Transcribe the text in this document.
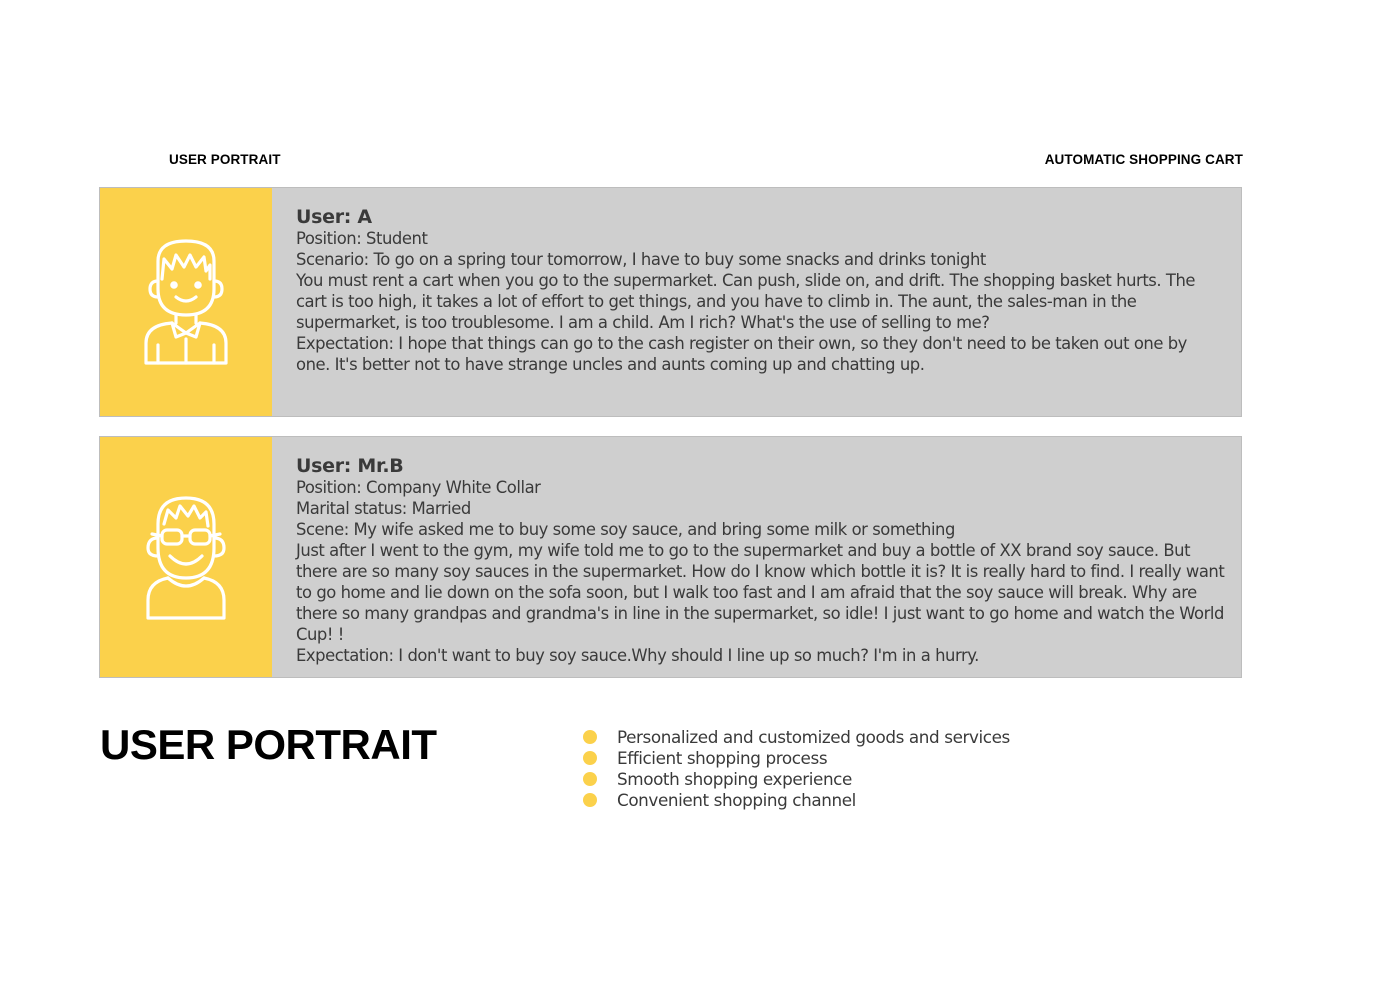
USER PORTRAIT	AUTOMATIC SHOPPING CART
User: A

Position: Student

Scenario: To go on a spring tour tomorrow, I have to buy some snacks and drinks tonight

You must rent a cart when you go to the supermarket. Can push, slide on, and drift. The shopping basket hurts. The cart is too high, it takes a lot of effort to get things, and you have to climb in. The aunt, the sales-man in the supermarket, is too troublesome. I am a child. Am I rich? What's the use of selling to me?

Expectation: I hope that things can go to the cash register on their own, so they don't need to be taken out one by one. It's better not to have strange uncles and aunts coming up and chatting up.

User: Mr.B

Position: Company White Collar

Marital status: Married

Scene: My wife asked me to buy some soy sauce, and bring some milk or something

Just after I went to the gym, my wife told me to go to the supermarket and buy a bottle of XX brand soy sauce. But there are so many soy sauces in the supermarket. How do I know which bottle it is? It is really hard to find. I really want to go home and lie down on the sofa soon, but I walk too fast and I am afraid that the soy sauce will break. Why are there so many grandpas and grandma's in line in the supermarket, so idle! I just want to go home and watch the World Cup! !

Expectation: I don't want to buy soy sauce.Why should I line up so much? I'm in a hurry.

USER PORTRAIT	Personalized and customized goods and services
Efficient shopping process
Smooth shopping experience
Convenient shopping channel
